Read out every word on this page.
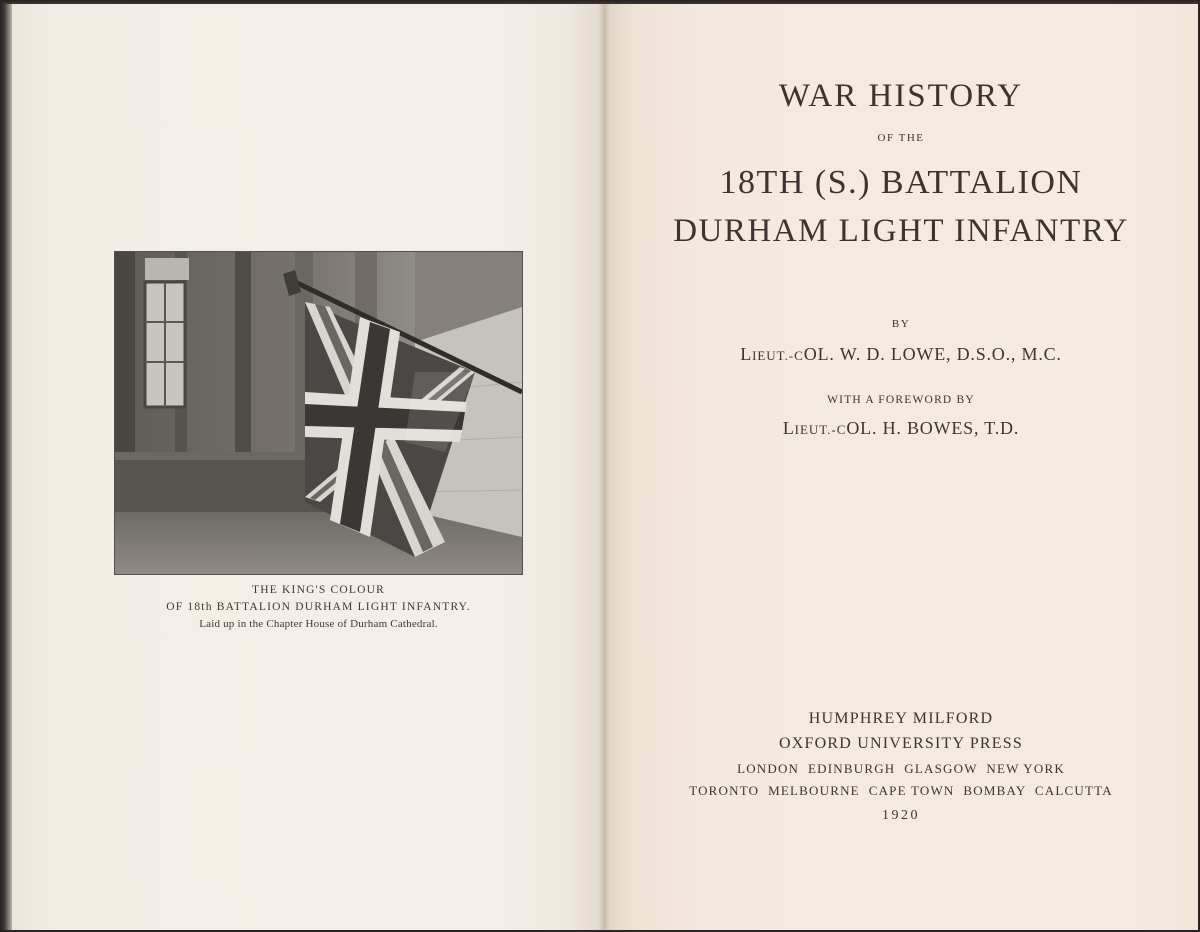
THE KING'S COLOUR
OF 18th BATTALION DURHAM LIGHT INFANTRY.
Laid up in the Chapter House of Durham Cathedral.
WAR HISTORY
OF THE
18TH (S.) BATTALION
DURHAM LIGHT INFANTRY
BY
LIEUT.-COL. W. D. LOWE, D.S.O., M.C.
WITH A FOREWORD BY
LIEUT.-COL. H. BOWES, T.D.
HUMPHREY MILFORD
OXFORD UNIVERSITY PRESS
LONDON  EDINBURGH  GLASGOW  NEW YORK
TORONTO  MELBOURNE  CAPE TOWN  BOMBAY  CALCUTTA
1920
